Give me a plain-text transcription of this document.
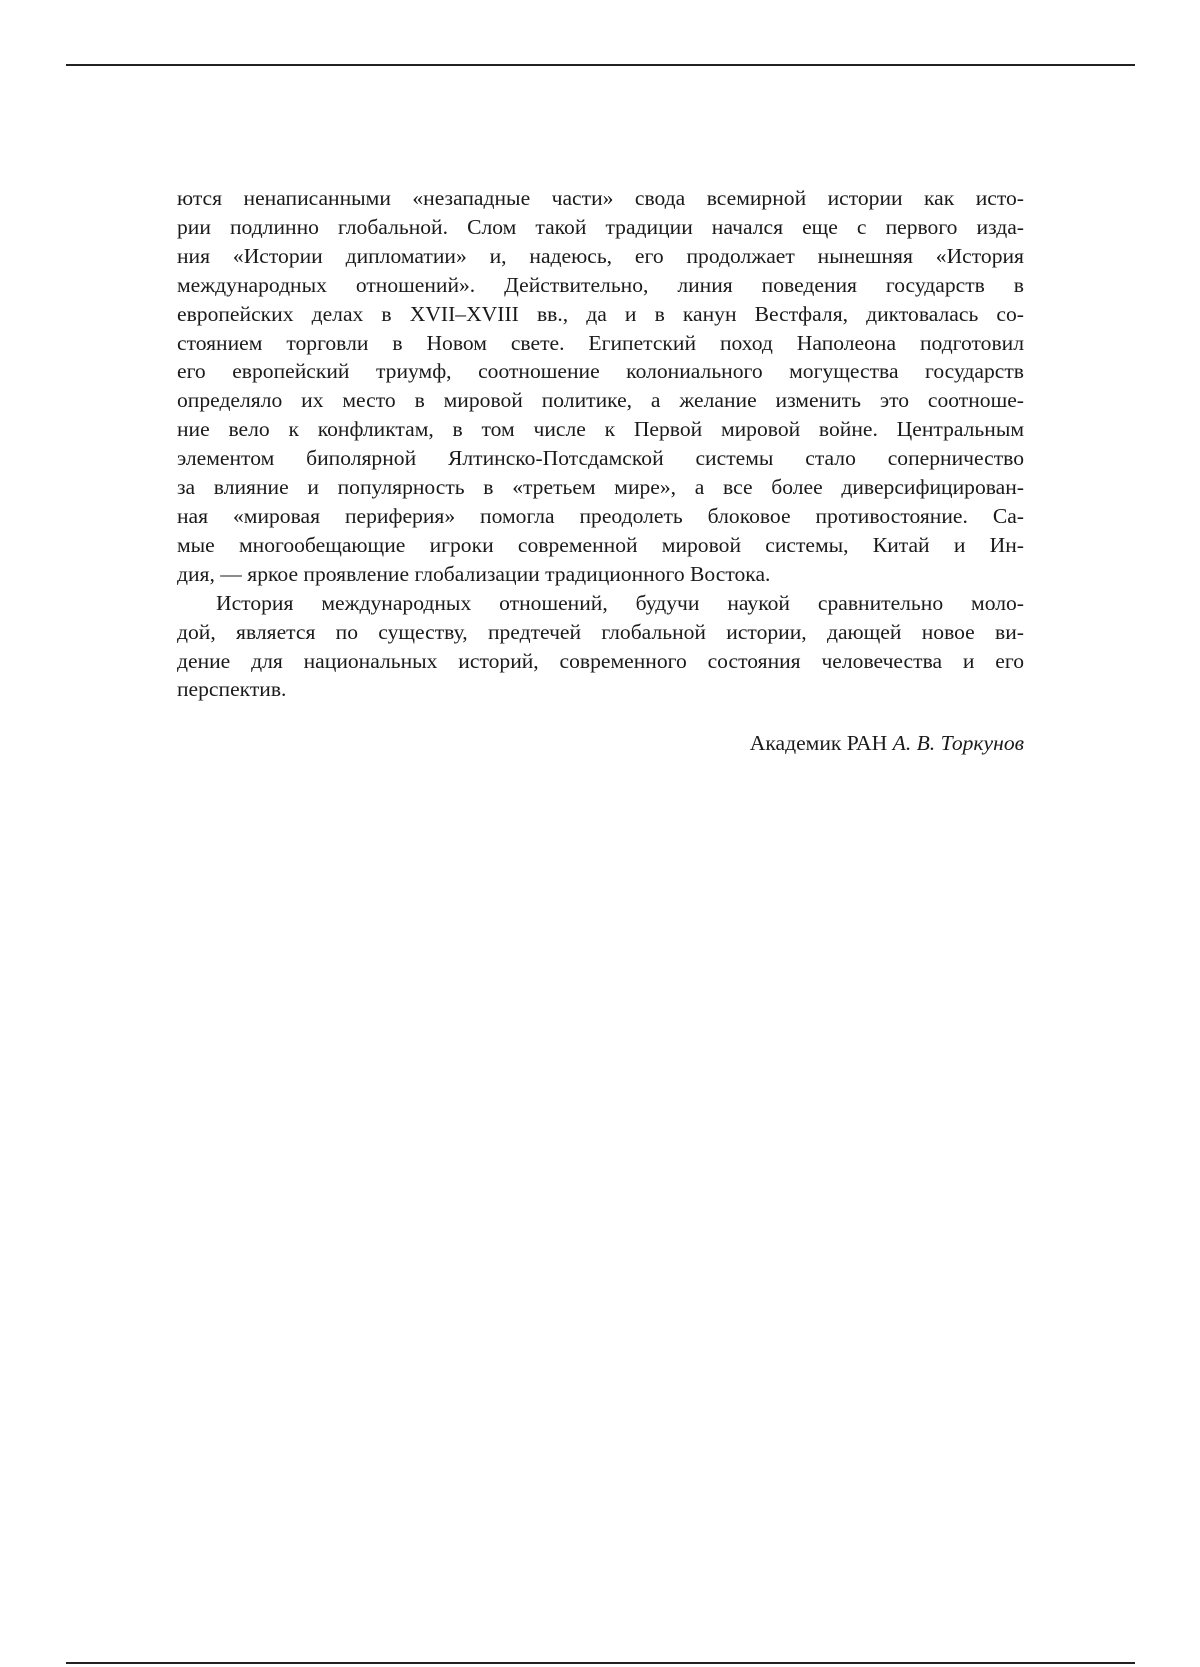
ются ненаписанными «незападные части» свода всемирной истории как исто-
рии подлинно глобальной. Слом такой традиции начался еще с первого изда-
ния «Истории дипломатии» и, надеюсь, его продолжает нынешняя «История
международных отношений». Действительно, линия поведения государств в
европейских делах в XVII–XVIII вв., да и в канун Вестфаля, диктовалась со-
стоянием торговли в Новом свете. Египетский поход Наполеона подготовил
его европейский триумф, соотношение колониального могущества государств
определяло их место в мировой политике, а желание изменить это соотноше-
ние вело к конфликтам, в том числе к Первой мировой войне. Центральным
элементом биполярной Ялтинско-Потсдамской системы стало соперничество
за влияние и популярность в «третьем мире», а все более диверсифицирован-
ная «мировая периферия» помогла преодолеть блоковое противостояние. Са-
мые многообещающие игроки современной мировой системы, Китай и Ин-
дия, — яркое проявление глобализации традиционного Востока.
История международных отношений, будучи наукой сравнительно моло-
дой, является по существу, предтечей глобальной истории, дающей новое ви-
дение для национальных историй, современного состояния человечества и его
перспектив.
Академик РАН А. В. Торкунов
